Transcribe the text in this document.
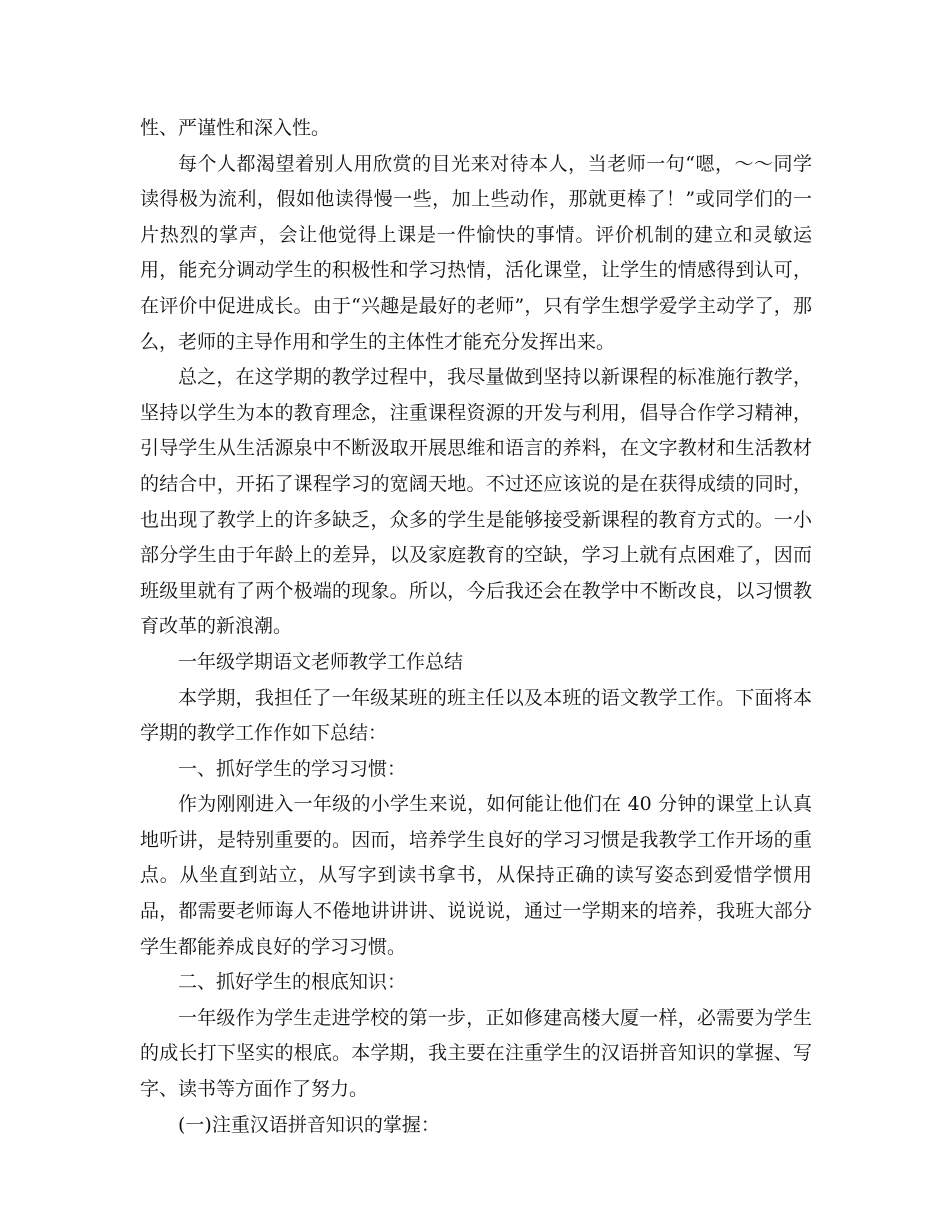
性、严谨性和深入性。

每个人都渴望着别人用欣赏的目光来对待本人，当老师一句“嗯，～～同学读得极为流利，假如他读得慢一些，加上些动作，那就更棒了！”或同学们的一片热烈的掌声，会让他觉得上课是一件愉快的事情。评价机制的建立和灵敏运用，能充分调动学生的积极性和学习热情，活化课堂，让学生的情感得到认可，在评价中促进成长。由于“兴趣是最好的老师”，只有学生想学爱学主动学了，那么，老师的主导作用和学生的主体性才能充分发挥出来。

总之，在这学期的教学过程中，我尽量做到坚持以新课程的标准施行教学，坚持以学生为本的教育理念，注重课程资源的开发与利用，倡导合作学习精神，引导学生从生活源泉中不断汲取开展思维和语言的养料，在文字教材和生活教材的结合中，开拓了课程学习的宽阔天地。不过还应该说的是在获得成绩的同时，也出现了教学上的许多缺乏，众多的学生是能够接受新课程的教育方式的。一小部分学生由于年龄上的差异，以及家庭教育的空缺，学习上就有点困难了，因而班级里就有了两个极端的现象。所以，今后我还会在教学中不断改良，以习惯教育改革的新浪潮。

一年级学期语文老师教学工作总结

本学期，我担任了一年级某班的班主任以及本班的语文教学工作。下面将本学期的教学工作作如下总结：

一、抓好学生的学习习惯：

作为刚刚进入一年级的小学生来说，如何能让他们在 40 分钟的课堂上认真地听讲，是特别重要的。因而，培养学生良好的学习习惯是我教学工作开场的重点。从坐直到站立，从写字到读书拿书，从保持正确的读写姿态到爱惜学惯用品，都需要老师诲人不倦地讲讲讲、说说说，通过一学期来的培养，我班大部分学生都能养成良好的学习习惯。

二、抓好学生的根底知识：

一年级作为学生走进学校的第一步，正如修建高楼大厦一样，必需要为学生的成长打下坚实的根底。本学期，我主要在注重学生的汉语拼音知识的掌握、写字、读书等方面作了努力。

(一)注重汉语拼音知识的掌握：
